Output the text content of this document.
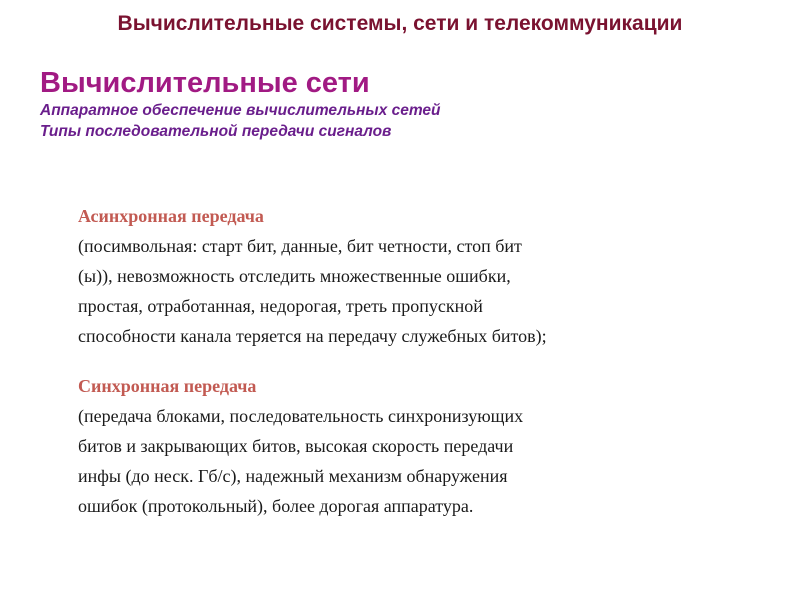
Вычислительные системы, сети и телекоммуникации
Вычислительные сети
Аппаратное обеспечение вычислительных сетей
Типы последовательной передачи сигналов
Асинхронная передача
(посимвольная: старт бит, данные, бит четности, стоп бит
(ы)), невозможность отследить множественные ошибки,
простая, отработанная, недорогая, треть пропускной
способности канала теряется на передачу служебных битов);
Синхронная передача
(передача блоками, последовательность синхронизующих
битов и закрывающих битов, высокая скорость передачи
инфы (до неск. Гб/с), надежный механизм обнаружения
ошибок (протокольный), более дорогая аппаратура.
